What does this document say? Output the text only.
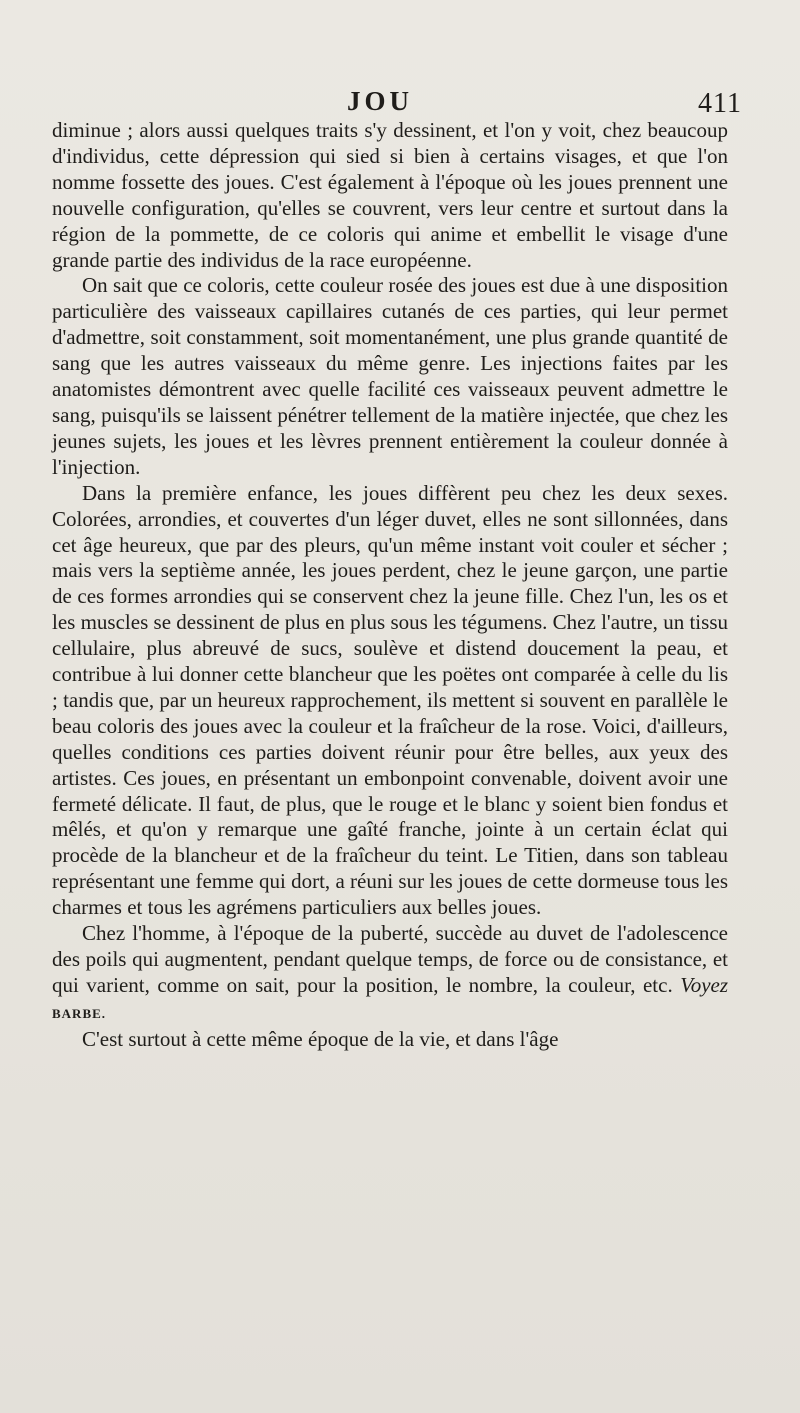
JOU	411

diminue ; alors aussi quelques traits s'y dessinent, et l'on y voit, chez beaucoup d'individus, cette dépression qui sied si bien à certains visages, et que l'on nomme fossette des joues. C'est également à l'époque où les joues prennent une nouvelle configuration, qu'elles se couvrent, vers leur centre et surtout dans la région de la pommette, de ce coloris qui anime et embellit le visage d'une grande partie des individus de la race européenne.

On sait que ce coloris, cette couleur rosée des joues est due à une disposition particulière des vaisseaux capillaires cutanés de ces parties, qui leur permet d'admettre, soit constamment, soit momentanément, une plus grande quantité de sang que les autres vaisseaux du même genre. Les injections faites par les anatomistes démontrent avec quelle facilité ces vaisseaux peuvent admettre le sang, puisqu'ils se laissent pénétrer tellement de la matière injectée, que chez les jeunes sujets, les joues et les lèvres prennent entièrement la couleur donnée à l'injection.

Dans la première enfance, les joues diffèrent peu chez les deux sexes. Colorées, arrondies, et couvertes d'un léger duvet, elles ne sont sillonnées, dans cet âge heureux, que par des pleurs, qu'un même instant voit couler et sécher ; mais vers la septième année, les joues perdent, chez le jeune garçon, une partie de ces formes arrondies qui se conservent chez la jeune fille. Chez l'un, les os et les muscles se dessinent de plus en plus sous les tégumens. Chez l'autre, un tissu cellulaire, plus abreuvé de sucs, soulève et distend doucement la peau, et contribue à lui donner cette blancheur que les poëtes ont comparée à celle du lis ; tandis que, par un heureux rapprochement, ils mettent si souvent en parallèle le beau coloris des joues avec la couleur et la fraîcheur de la rose. Voici, d'ailleurs, quelles conditions ces parties doivent réunir pour être belles, aux yeux des artistes. Ces joues, en présentant un embonpoint convenable, doivent avoir une fermeté délicate. Il faut, de plus, que le rouge et le blanc y soient bien fondus et mêlés, et qu'on y remarque une gaîté franche, jointe à un certain éclat qui procède de la blancheur et de la fraîcheur du teint. Le Titien, dans son tableau représentant une femme qui dort, a réuni sur les joues de cette dormeuse tous les charmes et tous les agrémens particuliers aux belles joues.

Chez l'homme, à l'époque de la puberté, succède au duvet de l'adolescence des poils qui augmentent, pendant quelque temps, de force ou de consistance, et qui varient, comme on sait, pour la position, le nombre, la couleur, etc. Voyez BARBE.

C'est surtout à cette même époque de la vie, et dans l'âge
